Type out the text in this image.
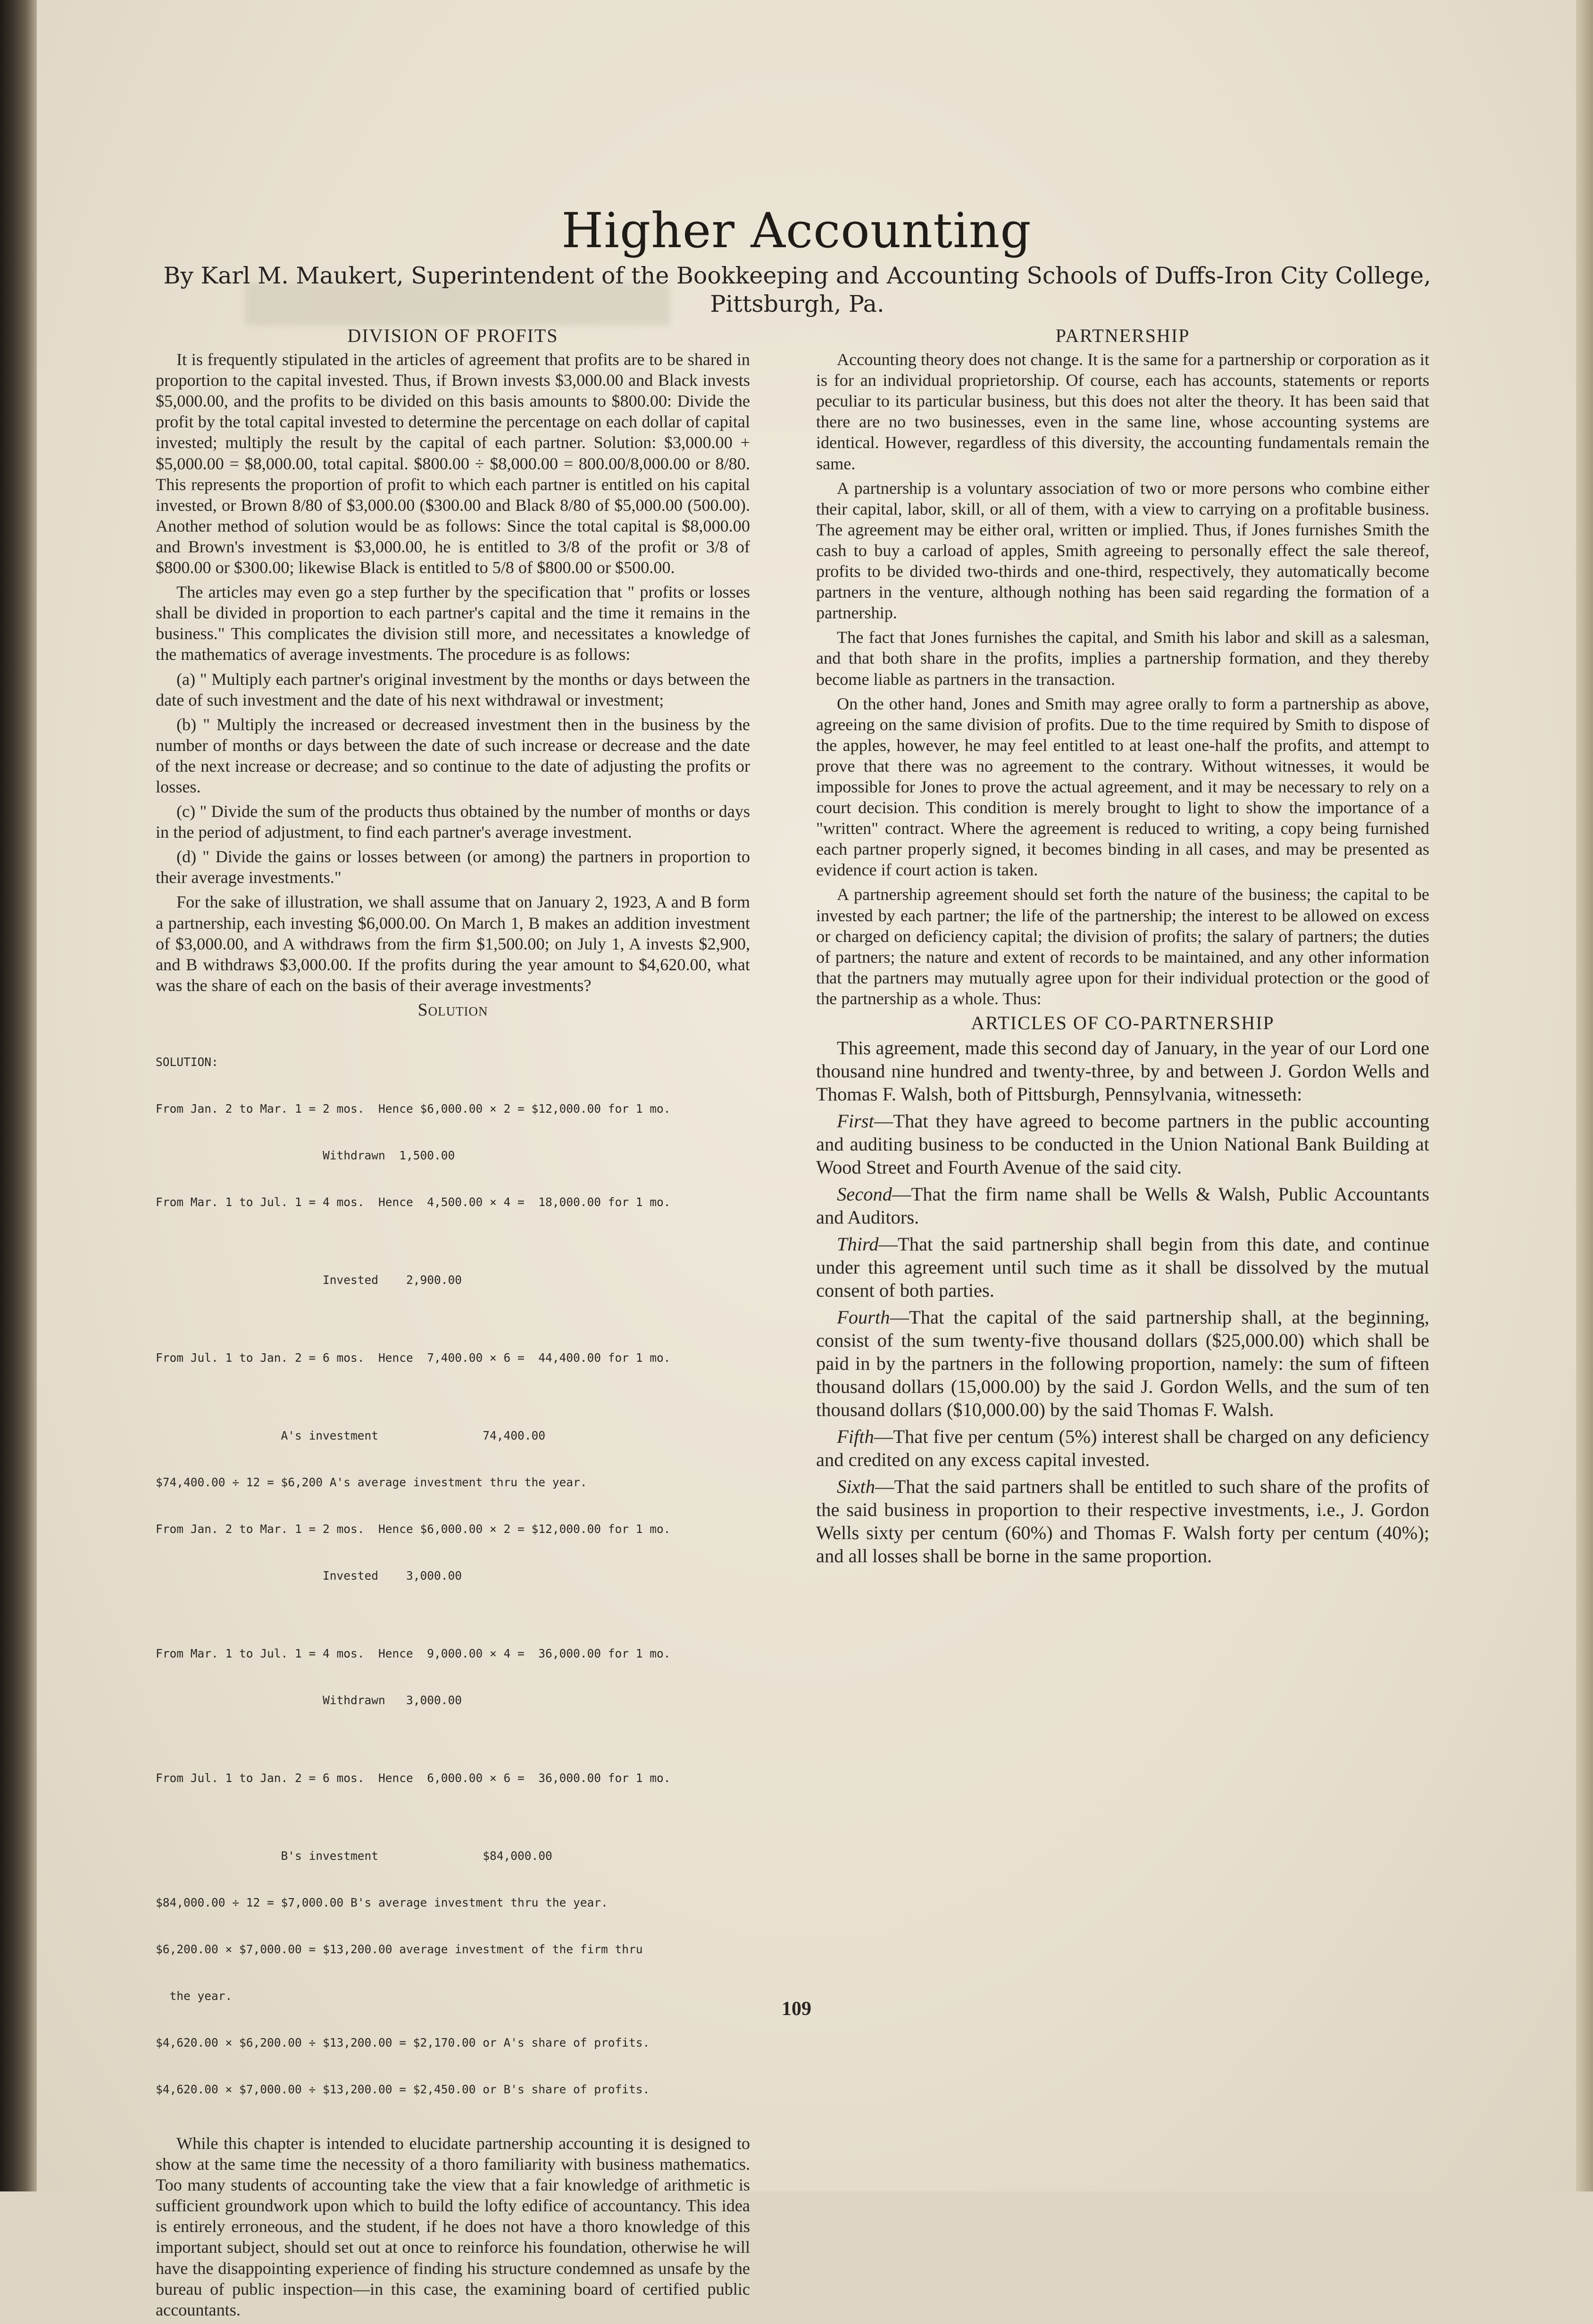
Higher Accounting
By Karl M. Maukert, Superintendent of the Bookkeeping and Accounting Schools of Duffs-Iron City College, Pittsburgh, Pa.
DIVISION OF PROFITS

It is frequently stipulated in the articles of agreement that profits are to be shared in proportion to the capital invested. Thus, if Brown invests $3,000.00 and Black invests $5,000.00, and the profits to be divided on this basis amounts to $800.00: Divide the profit by the total capital invested to determine the percentage on each dollar of capital invested; multiply the result by the capital of each partner. Solution: $3,000.00 + $5,000.00 = $8,000.00, total capital. $800.00 ÷ $8,000.00 = 800.00/8,000.00 or 8/80. This represents the proportion of profit to which each partner is entitled on his capital invested, or Brown 8/80 of $3,000.00 ($300.00 and Black 8/80 of $5,000.00 (500.00). Another method of solution would be as follows: Since the total capital is $8,000.00 and Brown's investment is $3,000.00, he is entitled to 3/8 of the profit or 3/8 of $800.00 or $300.00; likewise Black is entitled to 5/8 of $800.00 or $500.00.

The articles may even go a step further by the specification that " profits or losses shall be divided in proportion to each partner's capital and the time it remains in the business." This complicates the division still more, and necessitates a knowledge of the mathematics of average investments. The procedure is as follows:

(a) " Multiply each partner's original investment by the months or days between the date of such investment and the date of his next withdrawal or investment;

(b) " Multiply the increased or decreased investment then in the business by the number of months or days between the date of such increase or decrease and the date of the next increase or decrease; and so continue to the date of adjusting the profits or losses.

(c) " Divide the sum of the products thus obtained by the number of months or days in the period of adjustment, to find each partner's average investment.

(d) " Divide the gains or losses between (or among) the partners in proportion to their average investments."

For the sake of illustration, we shall assume that on January 2, 1923, A and B form a partnership, each investing $6,000.00. On March 1, B makes an addition investment of $3,000.00, and A withdraws from the firm $1,500.00; on July 1, A invests $2,900, and B withdraws $3,000.00. If the profits during the year amount to $4,620.00, what was the share of each on the basis of their average investments?

Solution

SOLUTION:

From Jan. 2 to Mar. 1 = 2 mos.  Hence $6,000.00 × 2 = $12,000.00 for 1 mo.

Withdrawn  1,500.00

From Mar. 1 to Jul. 1 = 4 mos.  Hence  4,500.00 × 4 =  18,000.00 for 1 mo.

Invested    2,900.00

From Jul. 1 to Jan. 2 = 6 mos.  Hence  7,400.00 × 6 =  44,400.00 for 1 mo.

A's investment               74,400.00

$74,400.00 ÷ 12 = $6,200 A's average investment thru the year.

From Jan. 2 to Mar. 1 = 2 mos.  Hence $6,000.00 × 2 = $12,000.00 for 1 mo.

Invested    3,000.00

From Mar. 1 to Jul. 1 = 4 mos.  Hence  9,000.00 × 4 =  36,000.00 for 1 mo.

Withdrawn   3,000.00

From Jul. 1 to Jan. 2 = 6 mos.  Hence  6,000.00 × 6 =  36,000.00 for 1 mo.

B's investment               $84,000.00

$84,000.00 ÷ 12 = $7,000.00 B's average investment thru the year.

$6,200.00 × $7,000.00 = $13,200.00 average investment of the firm thru

the year.

$4,620.00 × $6,200.00 ÷ $13,200.00 = $2,170.00 or A's share of profits.

$4,620.00 × $7,000.00 ÷ $13,200.00 = $2,450.00 or B's share of profits.

While this chapter is intended to elucidate partnership accounting it is designed to show at the same time the necessity of a thoro familiarity with business mathematics. Too many students of accounting take the view that a fair knowledge of arithmetic is sufficient groundwork upon which to build the lofty edifice of accountancy. This idea is entirely erroneous, and the student, if he does not have a thoro knowledge of this important subject, should set out at once to reinforce his foundation, otherwise he will have the disappointing experience of finding his structure condemned as unsafe by the bureau of public inspection—in this case, the examining board of certified public accountants.

PARTNERSHIP

Accounting theory does not change. It is the same for a partnership or corporation as it is for an individual proprietorship. Of course, each has accounts, statements or reports peculiar to its particular business, but this does not alter the theory. It has been said that there are no two businesses, even in the same line, whose accounting systems are identical. However, regardless of this diversity, the accounting fundamentals remain the same.

A partnership is a voluntary association of two or more persons who combine either their capital, labor, skill, or all of them, with a view to carrying on a profitable business. The agreement may be either oral, written or implied. Thus, if Jones furnishes Smith the cash to buy a carload of apples, Smith agreeing to personally effect the sale thereof, profits to be divided two-thirds and one-third, respectively, they automatically become partners in the venture, although nothing has been said regarding the formation of a partnership.

The fact that Jones furnishes the capital, and Smith his labor and skill as a salesman, and that both share in the profits, implies a partnership formation, and they thereby become liable as partners in the transaction.

On the other hand, Jones and Smith may agree orally to form a partnership as above, agreeing on the same division of profits. Due to the time required by Smith to dispose of the apples, however, he may feel entitled to at least one-half the profits, and attempt to prove that there was no agreement to the contrary. Without witnesses, it would be impossible for Jones to prove the actual agreement, and it may be necessary to rely on a court decision. This condition is merely brought to light to show the importance of a "written" contract. Where the agreement is reduced to writing, a copy being furnished each partner properly signed, it becomes binding in all cases, and may be presented as evidence if court action is taken.

A partnership agreement should set forth the nature of the business; the capital to be invested by each partner; the life of the partnership; the interest to be allowed on excess or charged on deficiency capital; the division of profits; the salary of partners; the duties of partners; the nature and extent of records to be maintained, and any other information that the partners may mutually agree upon for their individual protection or the good of the partnership as a whole. Thus:

ARTICLES OF CO-PARTNERSHIP

This agreement, made this second day of January, in the year of our Lord one thousand nine hundred and twenty-three, by and between J. Gordon Wells and Thomas F. Walsh, both of Pittsburgh, Pennsylvania, witnesseth:

First—That they have agreed to become partners in the public accounting and auditing business to be conducted in the Union National Bank Building at Wood Street and Fourth Avenue of the said city.

Second—That the firm name shall be Wells & Walsh, Public Accountants and Auditors.

Third—That the said partnership shall begin from this date, and continue under this agreement until such time as it shall be dissolved by the mutual consent of both parties.

Fourth—That the capital of the said partnership shall, at the beginning, consist of the sum twenty-five thousand dollars ($25,000.00) which shall be paid in by the partners in the following proportion, namely: the sum of fifteen thousand dollars (15,000.00) by the said J. Gordon Wells, and the sum of ten thousand dollars ($10,000.00) by the said Thomas F. Walsh.

Fifth—That five per centum (5%) interest shall be charged on any deficiency and credited on any excess capital invested.

Sixth—That the said partners shall be entitled to such share of the profits of the said business in proportion to their respective investments, i.e., J. Gordon Wells sixty per centum (60%) and Thomas F. Walsh forty per centum (40%); and all losses shall be borne in the same proportion.

109
